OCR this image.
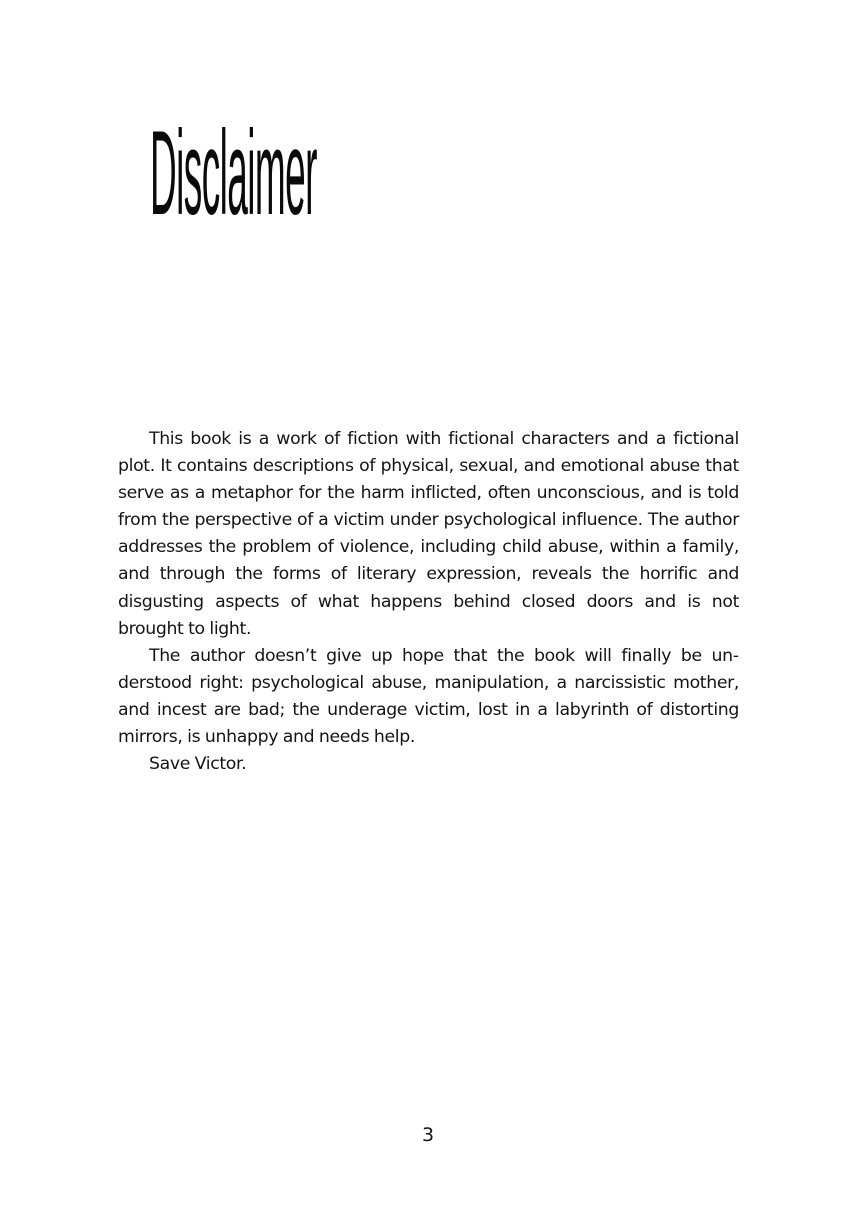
Disclaimer

This book is a work of fiction with fictional characters and a fictional plot. It contains descriptions of physical, sexual, and emotional abuse that serve as a metaphor for the harm inflicted, often unconscious, and is told from the perspective of a victim under psychological influence. The author addresses the problem of violence, including child abuse, within a family, and through the forms of literary expression, reveals the horrific and disgusting aspects of what happens behind closed doors and is not brought to light.

The author doesn’t give up hope that the book will finally be understood right: psychological abuse, manipulation, a narcissistic mother, and incest are bad; the underage victim, lost in a labyrinth of distorting mirrors, is unhappy and needs help.

Save Victor.

3
